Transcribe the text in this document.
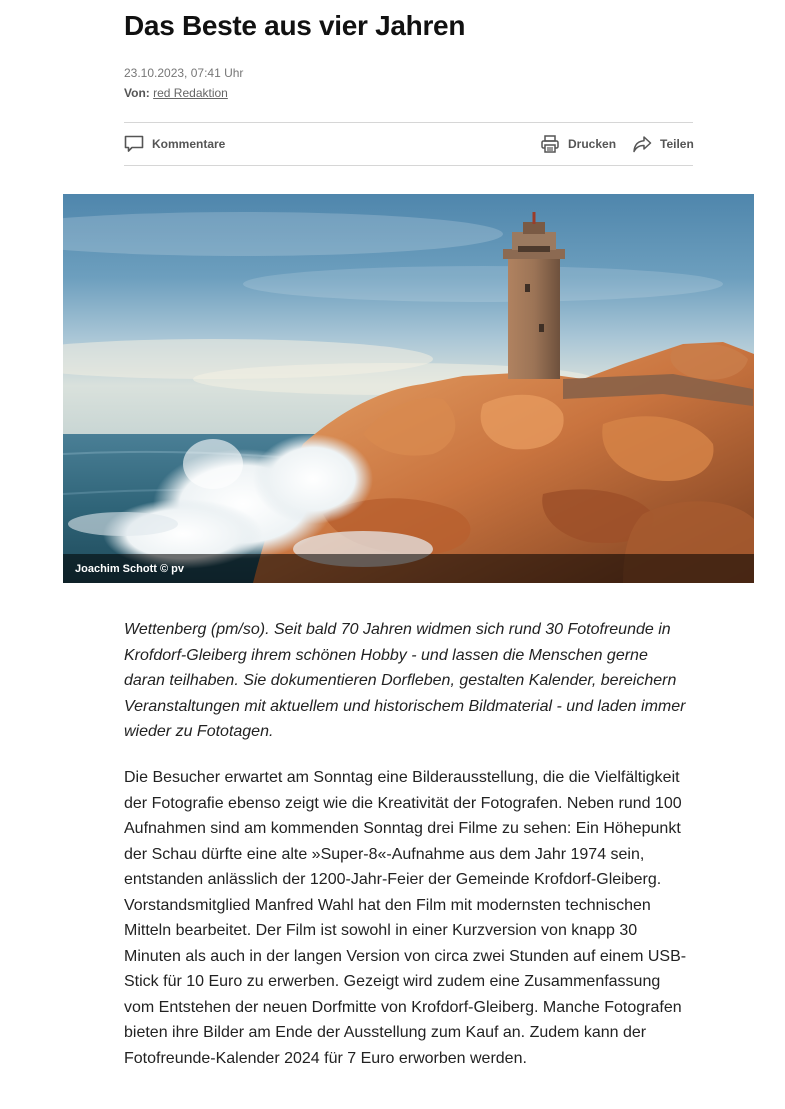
Das Beste aus vier Jahren
23.10.2023, 07:41 Uhr
Von: red Redaktion
Kommentare	Drucken	Teilen
Joachim Schott © pv

Wettenberg (pm/so). Seit bald 70 Jahren widmen sich rund 30 Fotofreunde in Krofdorf-Gleiberg ihrem schönen Hobby - und lassen die Menschen gerne daran teilhaben. Sie dokumentieren Dorfleben, gestalten Kalender, bereichern Veranstaltungen mit aktuellem und historischem Bildmaterial - und laden immer wieder zu Fototagen.

Die Besucher erwartet am Sonntag eine Bilderausstellung, die die Vielfältigkeit der Fotografie ebenso zeigt wie die Kreativität der Fotografen. Neben rund 100 Aufnahmen sind am kommenden Sonntag drei Filme zu sehen: Ein Höhepunkt der Schau dürfte eine alte »Super-8«-Aufnahme aus dem Jahr 1974 sein, entstanden anlässlich der 1200-Jahr-Feier der Gemeinde Krofdorf-Gleiberg. Vorstandsmitglied Manfred Wahl hat den Film mit modernsten technischen Mitteln bearbeitet. Der Film ist sowohl in einer Kurzversion von knapp 30 Minuten als auch in der langen Version von circa zwei Stunden auf einem USB-Stick für 10 Euro zu erwerben. Gezeigt wird zudem eine Zusammenfassung vom Entstehen der neuen Dorfmitte von Krofdorf-Gleiberg. Manche Fotografen bieten ihre Bilder am Ende der Ausstellung zum Kauf an. Zudem kann der Fotofreunde-Kalender 2024 für 7 Euro erworben werden.
